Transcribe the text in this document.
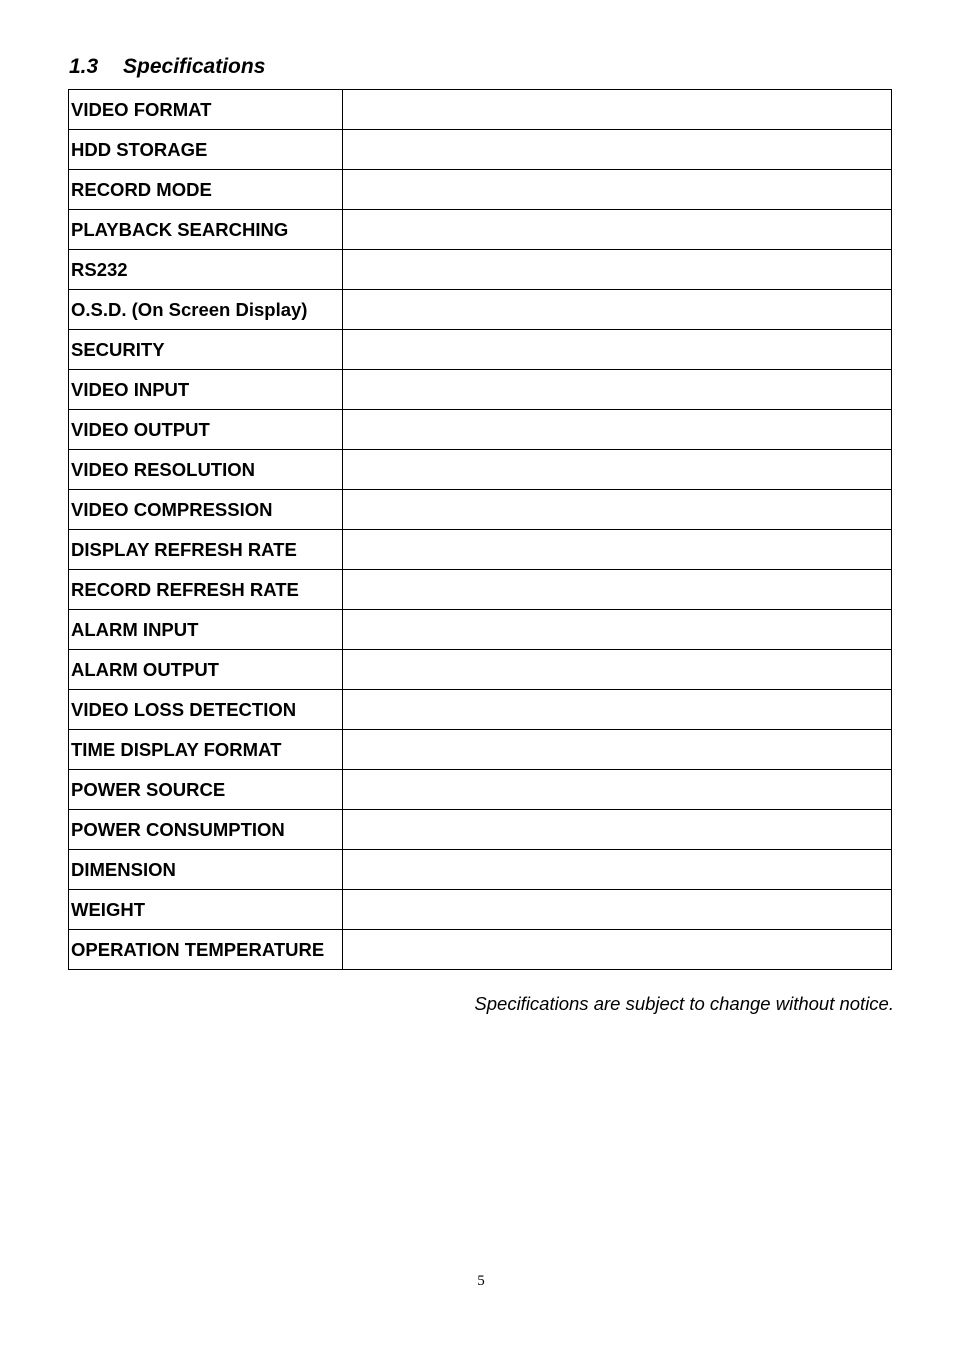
1.3 Specifications
VIDEO FORMAT	
HDD STORAGE	
RECORD MODE	
PLAYBACK SEARCHING	
RS232	
O.S.D. (On Screen Display)	
SECURITY	
VIDEO INPUT	
VIDEO OUTPUT	
VIDEO RESOLUTION	
VIDEO COMPRESSION	
DISPLAY REFRESH RATE	
RECORD REFRESH RATE	
ALARM INPUT	
ALARM OUTPUT	
VIDEO LOSS DETECTION	
TIME DISPLAY FORMAT	
POWER SOURCE	
POWER CONSUMPTION	
DIMENSION	
WEIGHT	
OPERATION TEMPERATURE	

Specifications are subject to change without notice.

5
